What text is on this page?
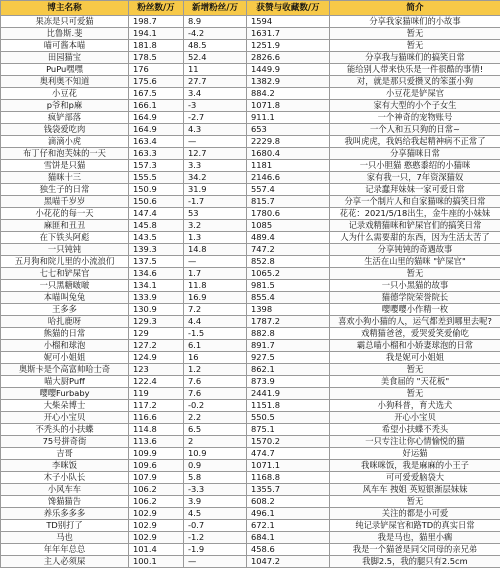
博主名称	粉丝数/万	新增粉丝/万	获赞与收藏数/万	简介
果冻是只可爱猫	198.7	8.9	1594	分享我家猫咪们的小故事
比鲁斯.斐	194.1	-4.2	1631.7	暂无
喵可酱本喵	181.8	48.5	1251.9	暂无
田园猫宝	178.5	52.4	2826.6	分享我与猫咪们的搞笑日常
PuPu嘿嘿	176	11	1449.9	能给别人带来快乐是一件很酷的事情!
奥利奥不知道	175.6	27.7	1382.9	对，就是那只爱攒叉的笨蛋小狗
小豆花	167.5	3.4	884.2	小豆花是铲屎官
p爷和p麻	166.1	-3	1071.8	家有大型的小个子女生
疯铲部落	164.9	-2.7	911.1	一个神奇的宠物账号
钱袋爱吃肉	164.9	4.3	653	一个人和五只狗的日常~
滴滴小虎	163.4	—	2229.8	我叫虎虎，我妈给我起精神病不正常了
布丁仔和泡芙妹的一天	163.3	12.7	1680.4	分享猫咪日常
雪饼是只猫	157.3	3.3	1181	一只小胆猫 憨憨黍绍的小猫咪
猫咪十三	155.5	34.2	2146.6	家有我一只，7年资深猫奴
独生子的日常	150.9	31.9	557.4	记录蠢拜妹妹一家可爱日常
黑喵千岁岁	150.6	-1.7	815.7	分享一个制片人和自家猫咪的搞笑日常
小花花的每一天	147.4	53	1780.6	花花：2021/5/18出生，金牛座的小妹妹
麻匪和丑丑	145.8	3.2	1085	记录戏精猫咪和铲屎官们的搞笑日常
在下铁头阿彪	143.5	1.3	489.4	人为什么需要甜的东西，因为生活太苦了
一只钝钝	139.3	14.8	747.2	分享钝钝的奇遇故事
五月狗和院儿里的小流浪们	137.5	—	852.8	生活在山里的猫咪 "铲屎官"
七七和铲屎官	134.6	1.7	1065.2	暂无
一只黑糖啵啵	134.1	11.8	981.5	一只小黑猫的故事
本喵叫兔兔	133.9	16.9	855.4	猫德学院荣誉院长
王多多	130.9	7.2	1398	嘤嘤嘤小作精一枚
哈扎鹿呀	129.3	4.4	1787.2	喜欢小狗小猫的人，运气都差到哪里去呢?
熊猫的日常	129	-1.5	882.8	戏精猫爸爸，爱哭爱笑爱偷吃
小榴和球泡	127.2	6.1	891.7	霸总喵小榴和小娇妻球泡的日常
妮可小姐姐	124.9	16	927.5	我是妮可小姐姐
奥斯卡是个高富帅哈士奇	123	1.2	862.1	暂无
喵大厨Puff	122.4	7.6	873.9	美食届的 "天花板"
嘤嘤Furbaby	119	7.6	2441.9	暂无
大柴朵博士	117.2	-0.2	1151.8	小狗科普，育犬选犬
开心小宝贝	116.6	2.2	550.5	开心小宝贝
不秃头的小扶蝶	114.8	6.5	875.1	希望小扶蝶不秃头
75号拼奇街	113.6	2	1570.2	一只专注让你心情愉悦的猫
吉哥	109.9	10.9	474.7	好运猫
李咪饭	109.6	0.9	1071.1	我咪咪饭，我是麻麻的小王子
木子小队长	107.9	5.8	1168.8	可可爱爱脑袋大
小风车车	106.2	-3.3	1355.7	风车车 拽姐 英短银渐层妹妹
馋猫猫告	106.2	3.9	608.2	暂无
养乐多多多	102.9	4.5	496.1	关注的都是小可爱
TD别打了	102.9	-0.7	672.1	纯记录铲屎官和路TD的真实日常
马也	102.9	-1.2	684.1	我是马也，猫里小瘸
年年年总总	101.4	-1.9	458.6	我是一个猫爸是同父同母的亲兄弟
主人必须屎	100.1	—	1047.2	我脚2.5，我的腿只有2.5cm
